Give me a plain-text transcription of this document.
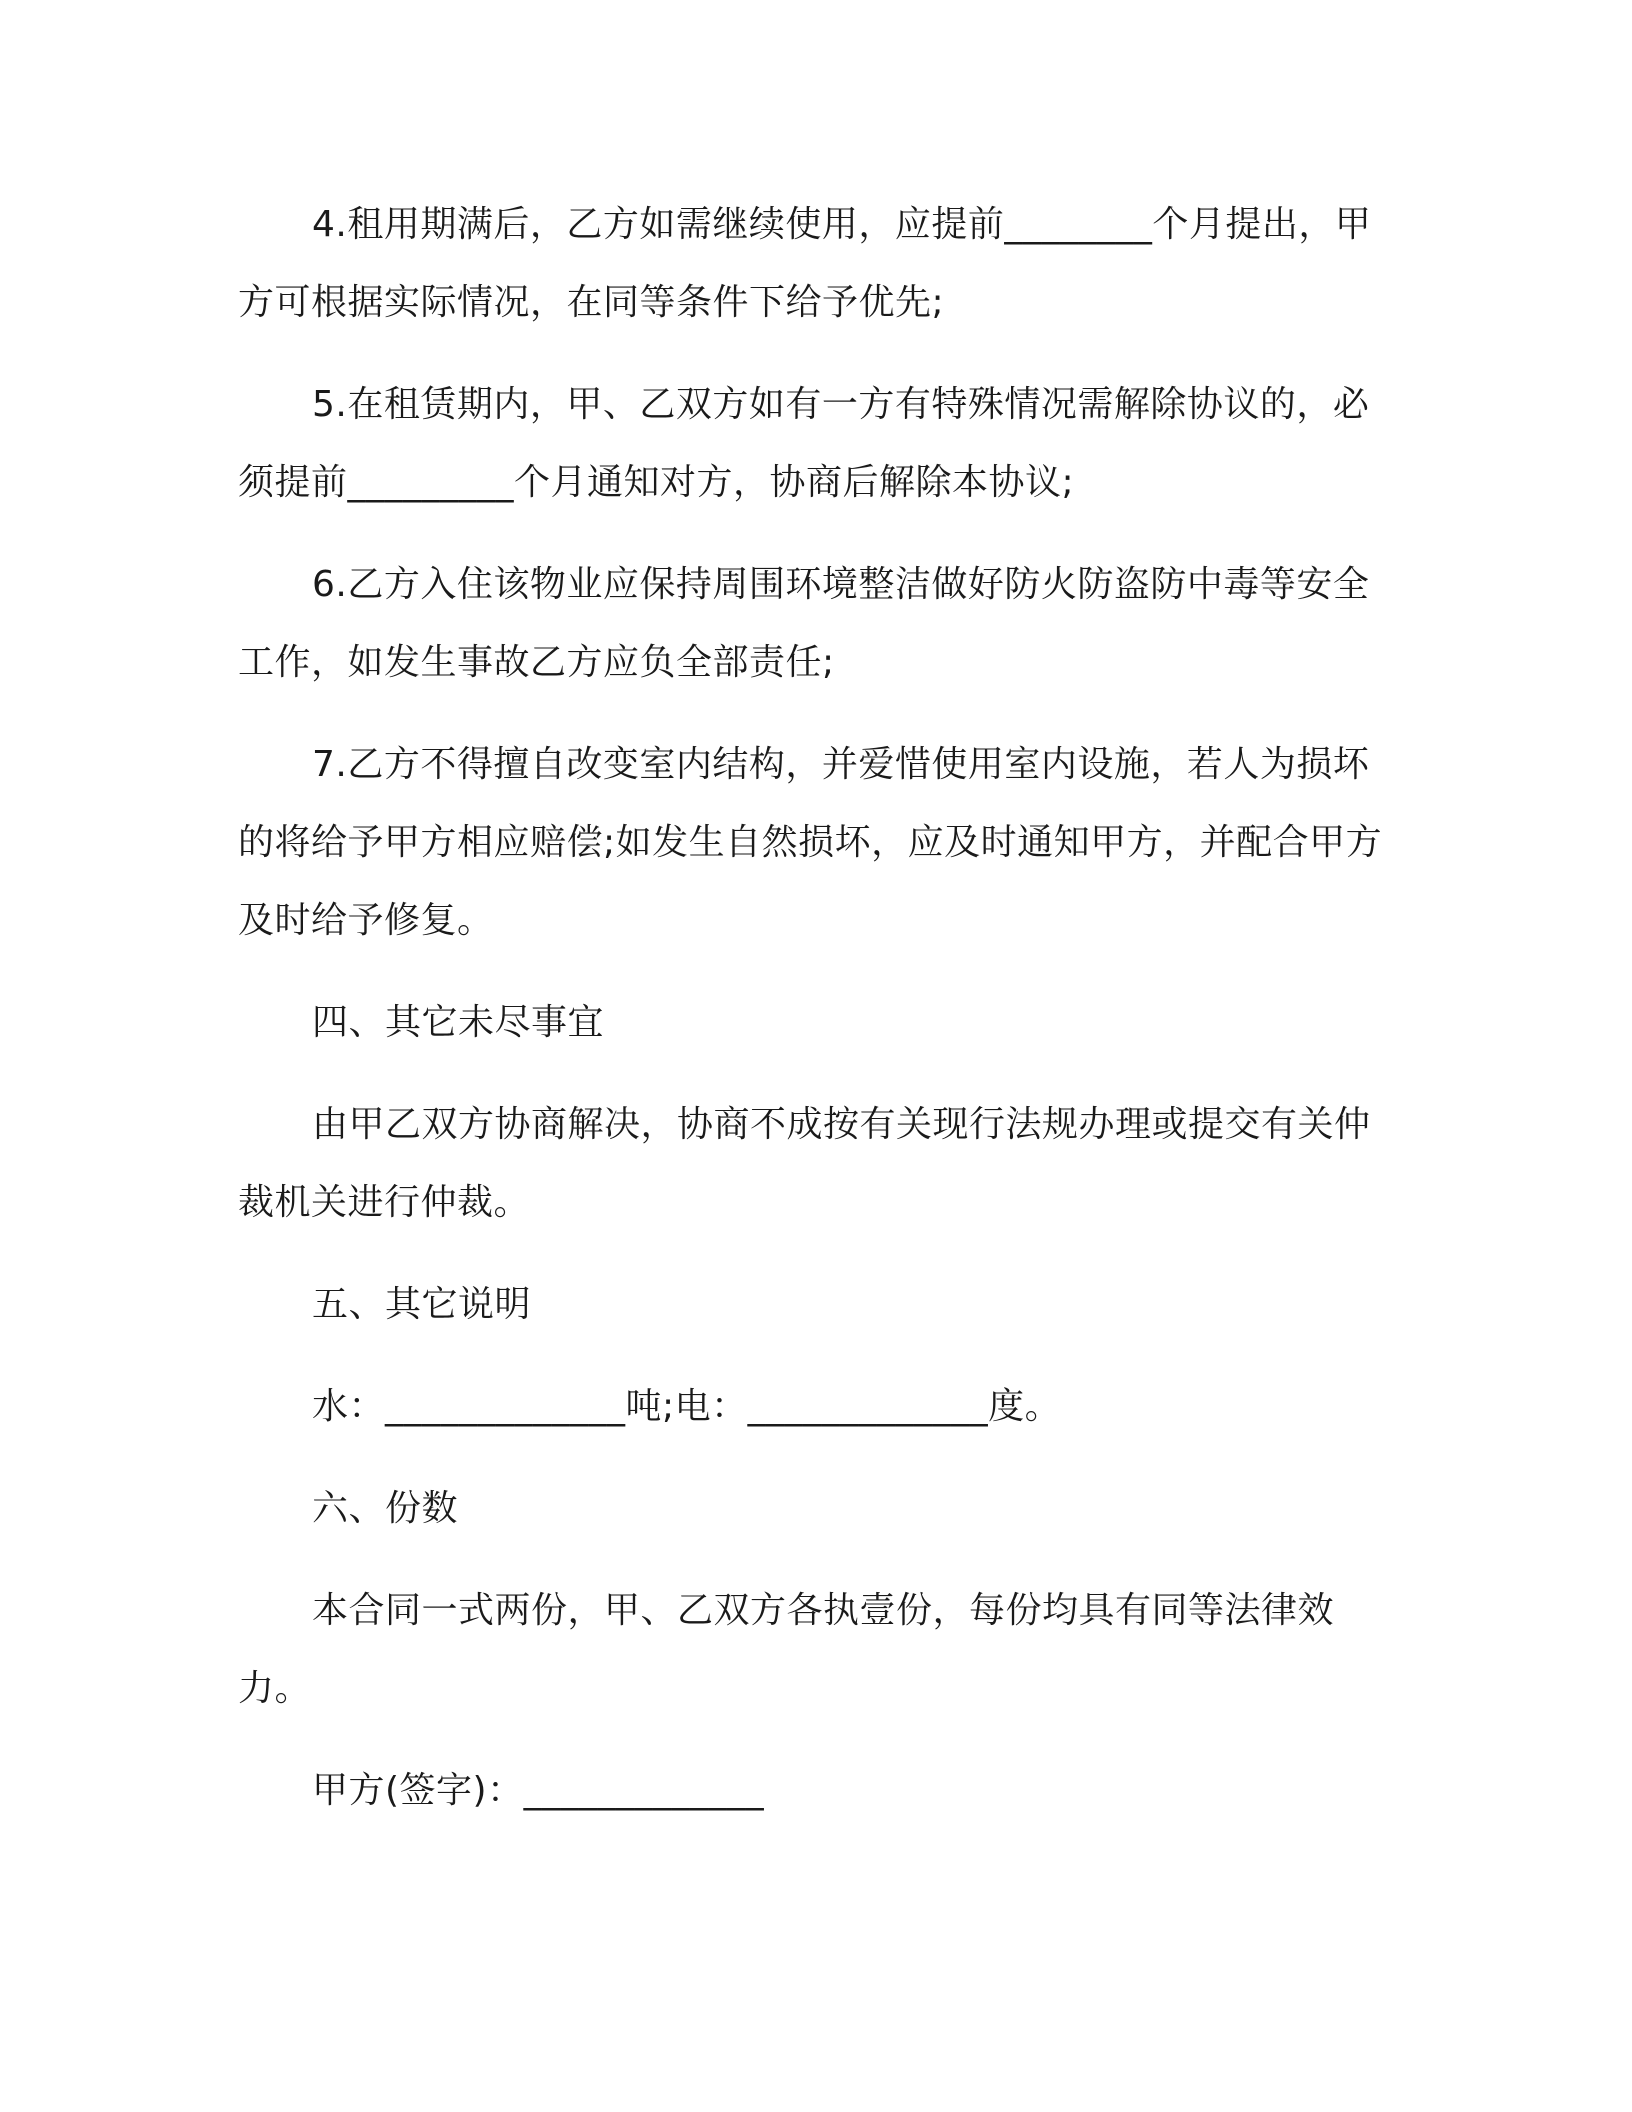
4.租用期满后，乙方如需继续使用，应提前________个月提出，甲方可根据实际情况，在同等条件下给予优先;

5.在租赁期内，甲、乙双方如有一方有特殊情况需解除协议的，必须提前_________个月通知对方，协商后解除本协议;

6.乙方入住该物业应保持周围环境整洁做好防火防盗防中毒等安全工作，如发生事故乙方应负全部责任;

7.乙方不得擅自改变室内结构，并爱惜使用室内设施，若人为损坏的将给予甲方相应赔偿;如发生自然损坏，应及时通知甲方，并配合甲方及时给予修复。

四、其它未尽事宜

由甲乙双方协商解决，协商不成按有关现行法规办理或提交有关仲裁机关进行仲裁。

五、其它说明

水：_____________吨;电：_____________度。

六、份数

本合同一式两份，甲、乙双方各执壹份，每份均具有同等法律效力。

甲方(签字)：_____________
